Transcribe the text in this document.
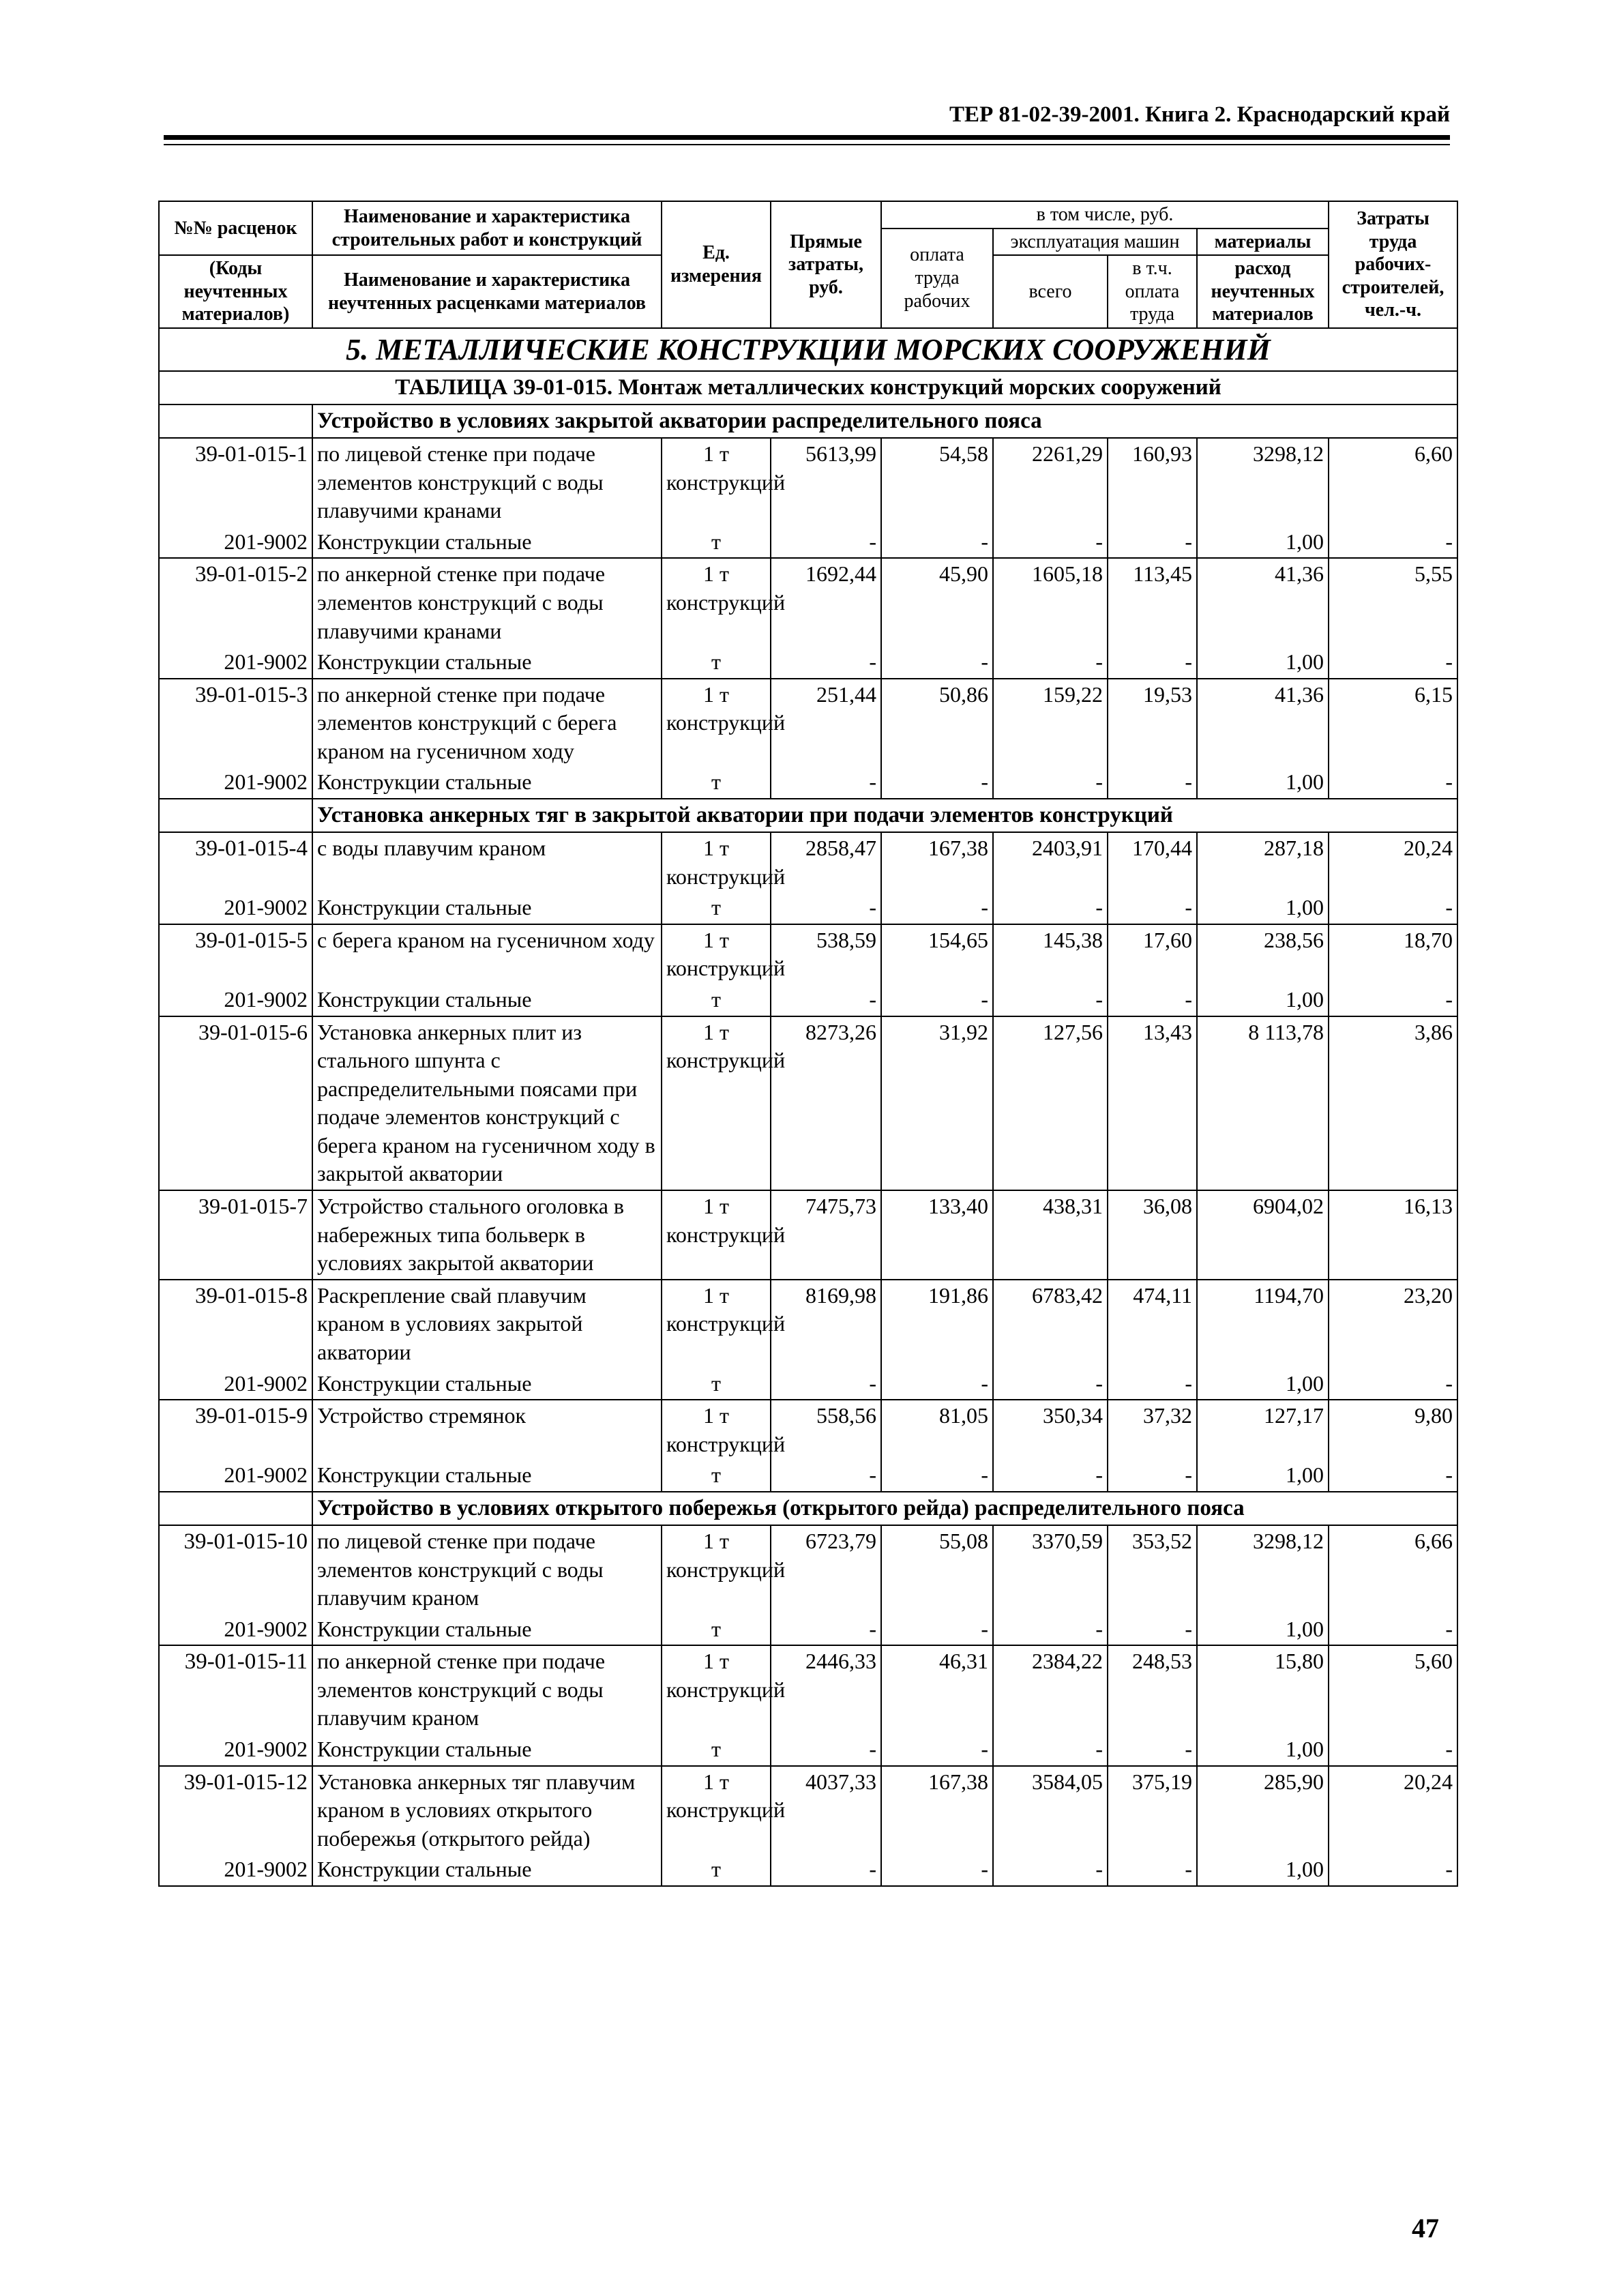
ТЕР 81-02-39-2001. Книга 2. Краснодарский край
№№ расценок	Наименование и характеристика строительных работ и конструкций	Ед. измерения	Прямые затраты, руб.	в том числе, руб.				Затраты труда рабочих-строителей, чел.-ч.
				оплата труда рабочих	эксплуатация машин		материалы	
(Коды неучтенных материалов)	Наименование и характеристика неучтенных расценками материалов				всего	в т.ч. оплата труда	расход неучтенных материалов	

5. МЕТАЛЛИЧЕСКИЕ КОНСТРУКЦИИ МОРСКИХ СООРУЖЕНИЙ								
ТАБЛИЦА 39-01-015. Монтаж металлических конструкций морских сооружений								
	Устройство в условиях закрытой акватории распределительного пояса							
39-01-015-1	по лицевой стенке при подаче элементов конструкций с воды плавучими кранами	1 т конструкций	5613,99	54,58	2261,29	160,93	3298,12	6,60
201-9002	Конструкции стальные	т	-	-	-	-	1,00	-
39-01-015-2	по анкерной стенке при подаче элементов конструкций с воды плавучими кранами	1 т конструкций	1692,44	45,90	1605,18	113,45	41,36	5,55
201-9002	Конструкции стальные	т	-	-	-	-	1,00	-
39-01-015-3	по анкерной стенке при подаче элементов конструкций с берега краном на гусеничном ходу	1 т конструкций	251,44	50,86	159,22	19,53	41,36	6,15
201-9002	Конструкции стальные	т	-	-	-	-	1,00	-
	Установка анкерных тяг в закрытой акватории при подачи элементов конструкций							
39-01-015-4	с воды плавучим краном	1 т конструкций	2858,47	167,38	2403,91	170,44	287,18	20,24
201-9002	Конструкции стальные	т	-	-	-	-	1,00	-
39-01-015-5	с берега краном на гусеничном ходу	1 т конструкций	538,59	154,65	145,38	17,60	238,56	18,70
201-9002	Конструкции стальные	т	-	-	-	-	1,00	-
39-01-015-6	Установка анкерных плит из стального шпунта с распределительными поясами при подаче элементов конструкций с берега краном на гусеничном ходу в закрытой акватории	1 т конструкций	8273,26	31,92	127,56	13,43	8 113,78	3,86
39-01-015-7	Устройство стального оголовка в набережных типа больверк в условиях закрытой акватории	1 т конструкций	7475,73	133,40	438,31	36,08	6904,02	16,13
39-01-015-8	Раскрепление свай плавучим краном в условиях закрытой акватории	1 т конструкций	8169,98	191,86	6783,42	474,11	1194,70	23,20
201-9002	Конструкции стальные	т	-	-	-	-	1,00	-
39-01-015-9	Устройство стремянок	1 т конструкций	558,56	81,05	350,34	37,32	127,17	9,80
201-9002	Конструкции стальные	т	-	-	-	-	1,00	-
	Устройство в условиях открытого побережья (открытого рейда) распределительного пояса							
39-01-015-10	по лицевой стенке при подаче элементов конструкций с воды плавучим краном	1 т конструкций	6723,79	55,08	3370,59	353,52	3298,12	6,66
201-9002	Конструкции стальные	т	-	-	-	-	1,00	-
39-01-015-11	по анкерной стенке при подаче элементов конструкций с воды плавучим краном	1 т конструкций	2446,33	46,31	2384,22	248,53	15,80	5,60
201-9002	Конструкции стальные	т	-	-	-	-	1,00	-
39-01-015-12	Установка анкерных тяг плавучим краном в условиях открытого побережья (открытого рейда)	1 т конструкций	4037,33	167,38	3584,05	375,19	285,90	20,24
201-9002	Конструкции стальные	т	-	-	-	-	1,00	-
47
